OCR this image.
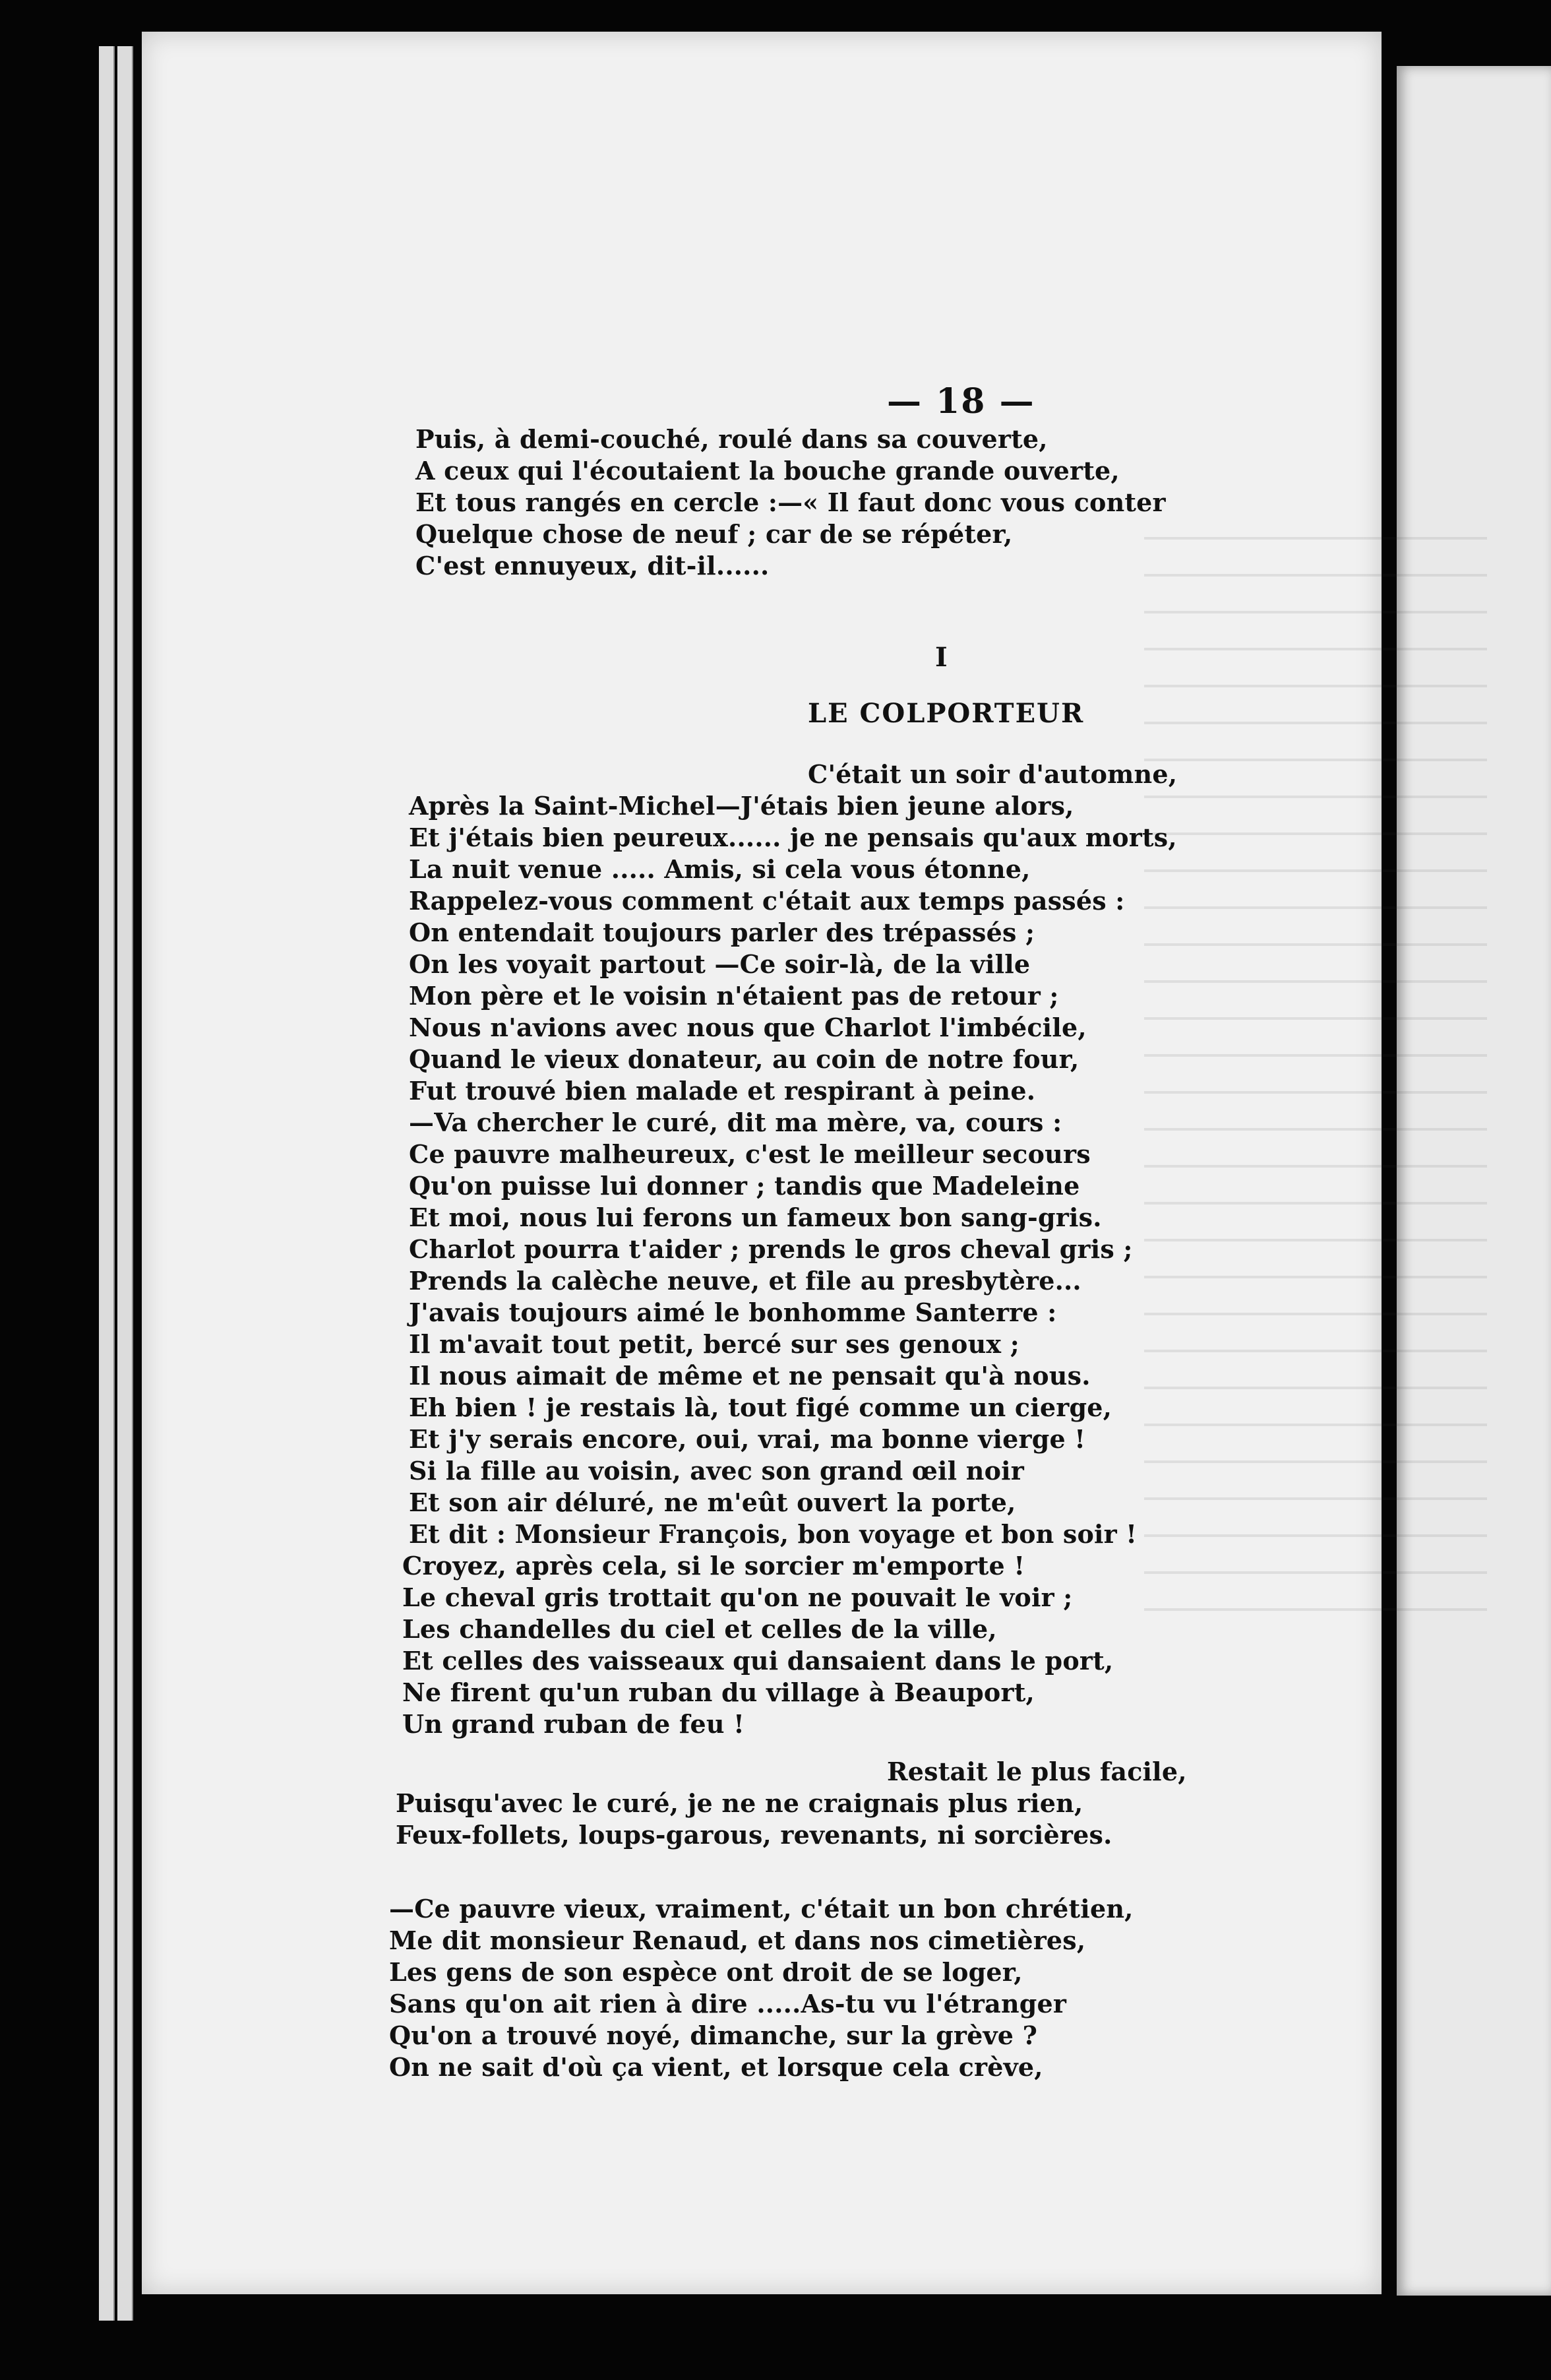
— 18 —
Puis, à demi-couché, roulé dans sa couverte,
A ceux qui l'écoutaient la bouche grande ouverte,
Et tous rangés en cercle :—« Il faut donc vous conter
Quelque chose de neuf ; car de se répéter,
C'est ennuyeux, dit-il......
I
LE COLPORTEUR
C'était un soir d'automne,
Après la Saint-Michel—J'étais bien jeune alors,
Et j'étais bien peureux...... je ne pensais qu'aux morts,
La nuit venue ..... Amis, si cela vous étonne,
Rappelez-vous comment c'était aux temps passés :
On entendait toujours parler des trépassés ;
On les voyait partout —Ce soir-là, de la ville
Mon père et le voisin n'étaient pas de retour ;
Nous n'avions avec nous que Charlot l'imbécile,
Quand le vieux donateur, au coin de notre four,
Fut trouvé bien malade et respirant à peine.
—Va chercher le curé, dit ma mère, va, cours :
Ce pauvre malheureux, c'est le meilleur secours
Qu'on puisse lui donner ; tandis que Madeleine
Et moi, nous lui ferons un fameux bon sang-gris.
Charlot pourra t'aider ; prends le gros cheval gris ;
Prends la calèche neuve, et file au presbytère...
J'avais toujours aimé le bonhomme Santerre :
Il m'avait tout petit, bercé sur ses genoux ;
Il nous aimait de même et ne pensait qu'à nous.
Eh bien ! je restais là, tout figé comme un cierge,
Et j'y serais encore, oui, vrai, ma bonne vierge !
Si la fille au voisin, avec son grand œil noir
Et son air déluré, ne m'eût ouvert la porte,
Et dit : Monsieur François, bon voyage et bon soir !
Croyez, après cela, si le sorcier m'emporte !
Le cheval gris trottait qu'on ne pouvait le voir ;
Les chandelles du ciel et celles de la ville,
Et celles des vaisseaux qui dansaient dans le port,
Ne firent qu'un ruban du village à Beauport,
Un grand ruban de feu !
Restait le plus facile,
Puisqu'avec le curé, je ne ne craignais plus rien,
Feux-follets, loups-garous, revenants, ni sorcières.
—Ce pauvre vieux, vraiment, c'était un bon chrétien,
Me dit monsieur Renaud, et dans nos cimetières,
Les gens de son espèce ont droit de se loger,
Sans qu'on ait rien à dire .....As-tu vu l'étranger
Qu'on a trouvé noyé, dimanche, sur la grève ?
On ne sait d'où ça vient, et lorsque cela crève,
